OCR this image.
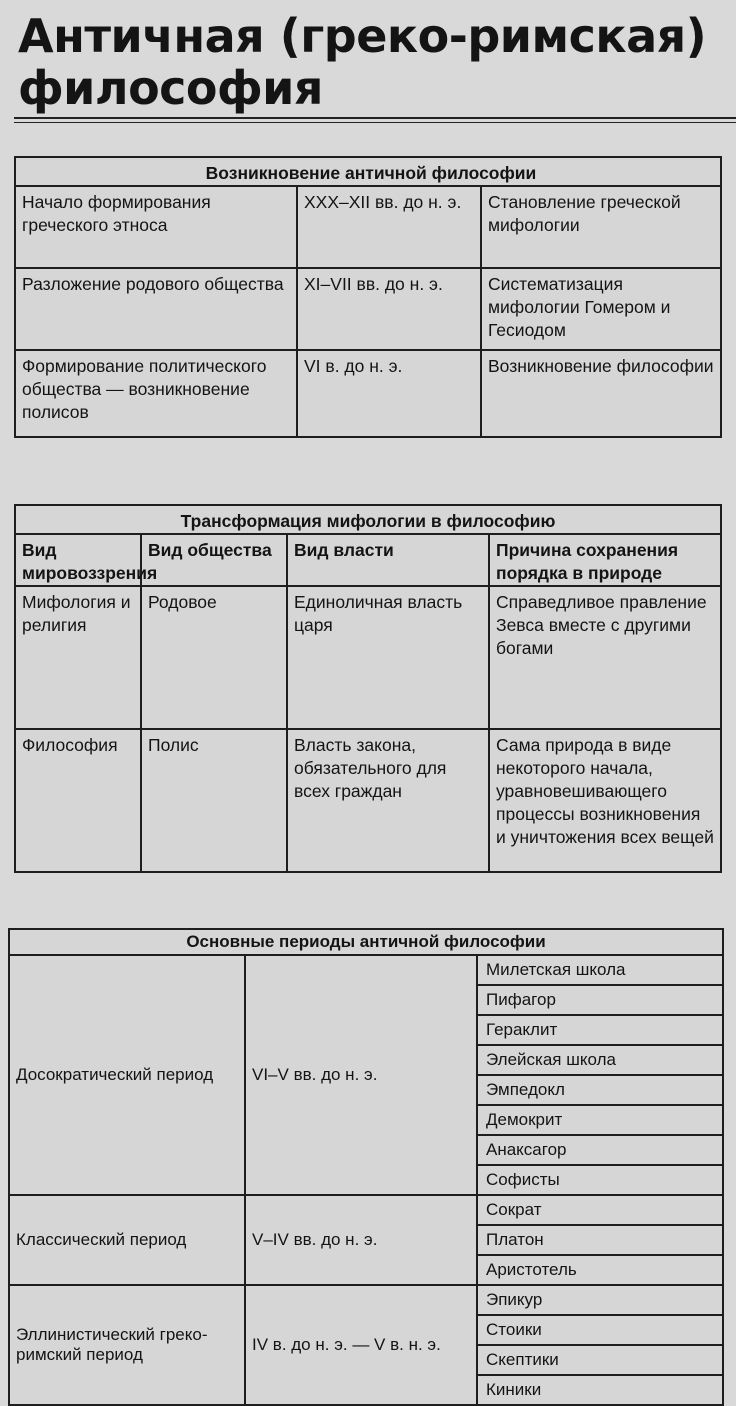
Античная (греко-римская) философия
Возникновение античной философии		
Начало формирования греческого этноса	XXX–XII вв. до н. э.	Становление греческой мифологии
Разложение родового общества	XI–VII вв. до н. э.	Систематизация мифологии Гомером и Гесиодом
Формирование политического общества — возникновение полисов	VI в. до н. э.	Возникновение философии
Трансформация мифологии в философию			
Вид мировоззрения	Вид общества	Вид власти	Причина сохранения порядка в природе
Мифология и религия	Родовое	Единоличная власть царя	Справедливое правление Зевса вместе с другими богами
Философия	Полис	Власть закона, обязательного для всех граждан	Сама природа в виде некоторого начала, уравновешивающего процессы возникновения и уничтожения всех вещей
Основные периоды античной философии		
Досократический период	VI–V вв. до н. э.	Милетская школа
		Пифагор
		Гераклит
		Элейская школа
		Эмпедокл
		Демокрит
		Анаксагор
		Софисты
Классический период	V–IV вв. до н. э.	Сократ
		Платон
		Аристотель
Эллинистический греко-римский период	IV в. до н. э. — V в. н. э.	Эпикур
		Стоики
		Скептики
		Киники
